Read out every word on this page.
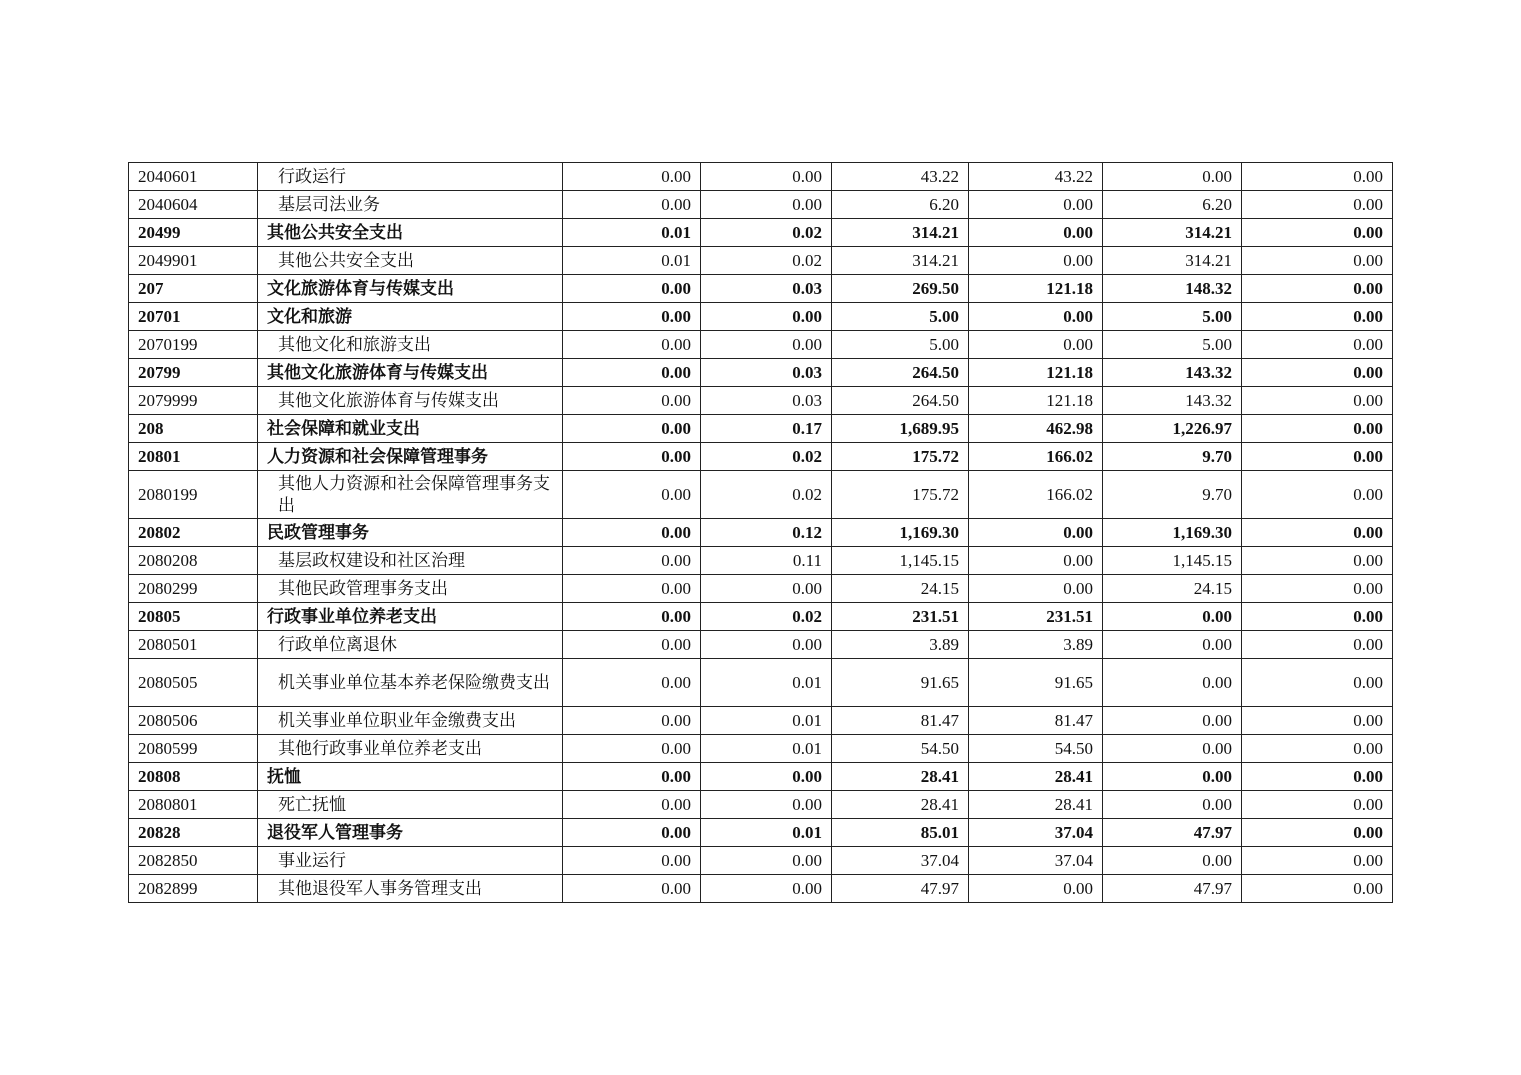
2040601	行政运行	0.00	0.00	43.22	43.22	0.00	0.00
2040604	基层司法业务	0.00	0.00	6.20	0.00	6.20	0.00
20499	其他公共安全支出	0.01	0.02	314.21	0.00	314.21	0.00
2049901	其他公共安全支出	0.01	0.02	314.21	0.00	314.21	0.00
207	文化旅游体育与传媒支出	0.00	0.03	269.50	121.18	148.32	0.00
20701	文化和旅游	0.00	0.00	5.00	0.00	5.00	0.00
2070199	其他文化和旅游支出	0.00	0.00	5.00	0.00	5.00	0.00
20799	其他文化旅游体育与传媒支出	0.00	0.03	264.50	121.18	143.32	0.00
2079999	其他文化旅游体育与传媒支出	0.00	0.03	264.50	121.18	143.32	0.00
208	社会保障和就业支出	0.00	0.17	1,689.95	462.98	1,226.97	0.00
20801	人力资源和社会保障管理事务	0.00	0.02	175.72	166.02	9.70	0.00
2080199	其他人力资源和社会保障管理事务支出	0.00	0.02	175.72	166.02	9.70	0.00
20802	民政管理事务	0.00	0.12	1,169.30	0.00	1,169.30	0.00
2080208	基层政权建设和社区治理	0.00	0.11	1,145.15	0.00	1,145.15	0.00
2080299	其他民政管理事务支出	0.00	0.00	24.15	0.00	24.15	0.00
20805	行政事业单位养老支出	0.00	0.02	231.51	231.51	0.00	0.00
2080501	行政单位离退休	0.00	0.00	3.89	3.89	0.00	0.00
2080505	机关事业单位基本养老保险缴费支出	0.00	0.01	91.65	91.65	0.00	0.00
2080506	机关事业单位职业年金缴费支出	0.00	0.01	81.47	81.47	0.00	0.00
2080599	其他行政事业单位养老支出	0.00	0.01	54.50	54.50	0.00	0.00
20808	抚恤	0.00	0.00	28.41	28.41	0.00	0.00
2080801	死亡抚恤	0.00	0.00	28.41	28.41	0.00	0.00
20828	退役军人管理事务	0.00	0.01	85.01	37.04	47.97	0.00
2082850	事业运行	0.00	0.00	37.04	37.04	0.00	0.00
2082899	其他退役军人事务管理支出	0.00	0.00	47.97	0.00	47.97	0.00
